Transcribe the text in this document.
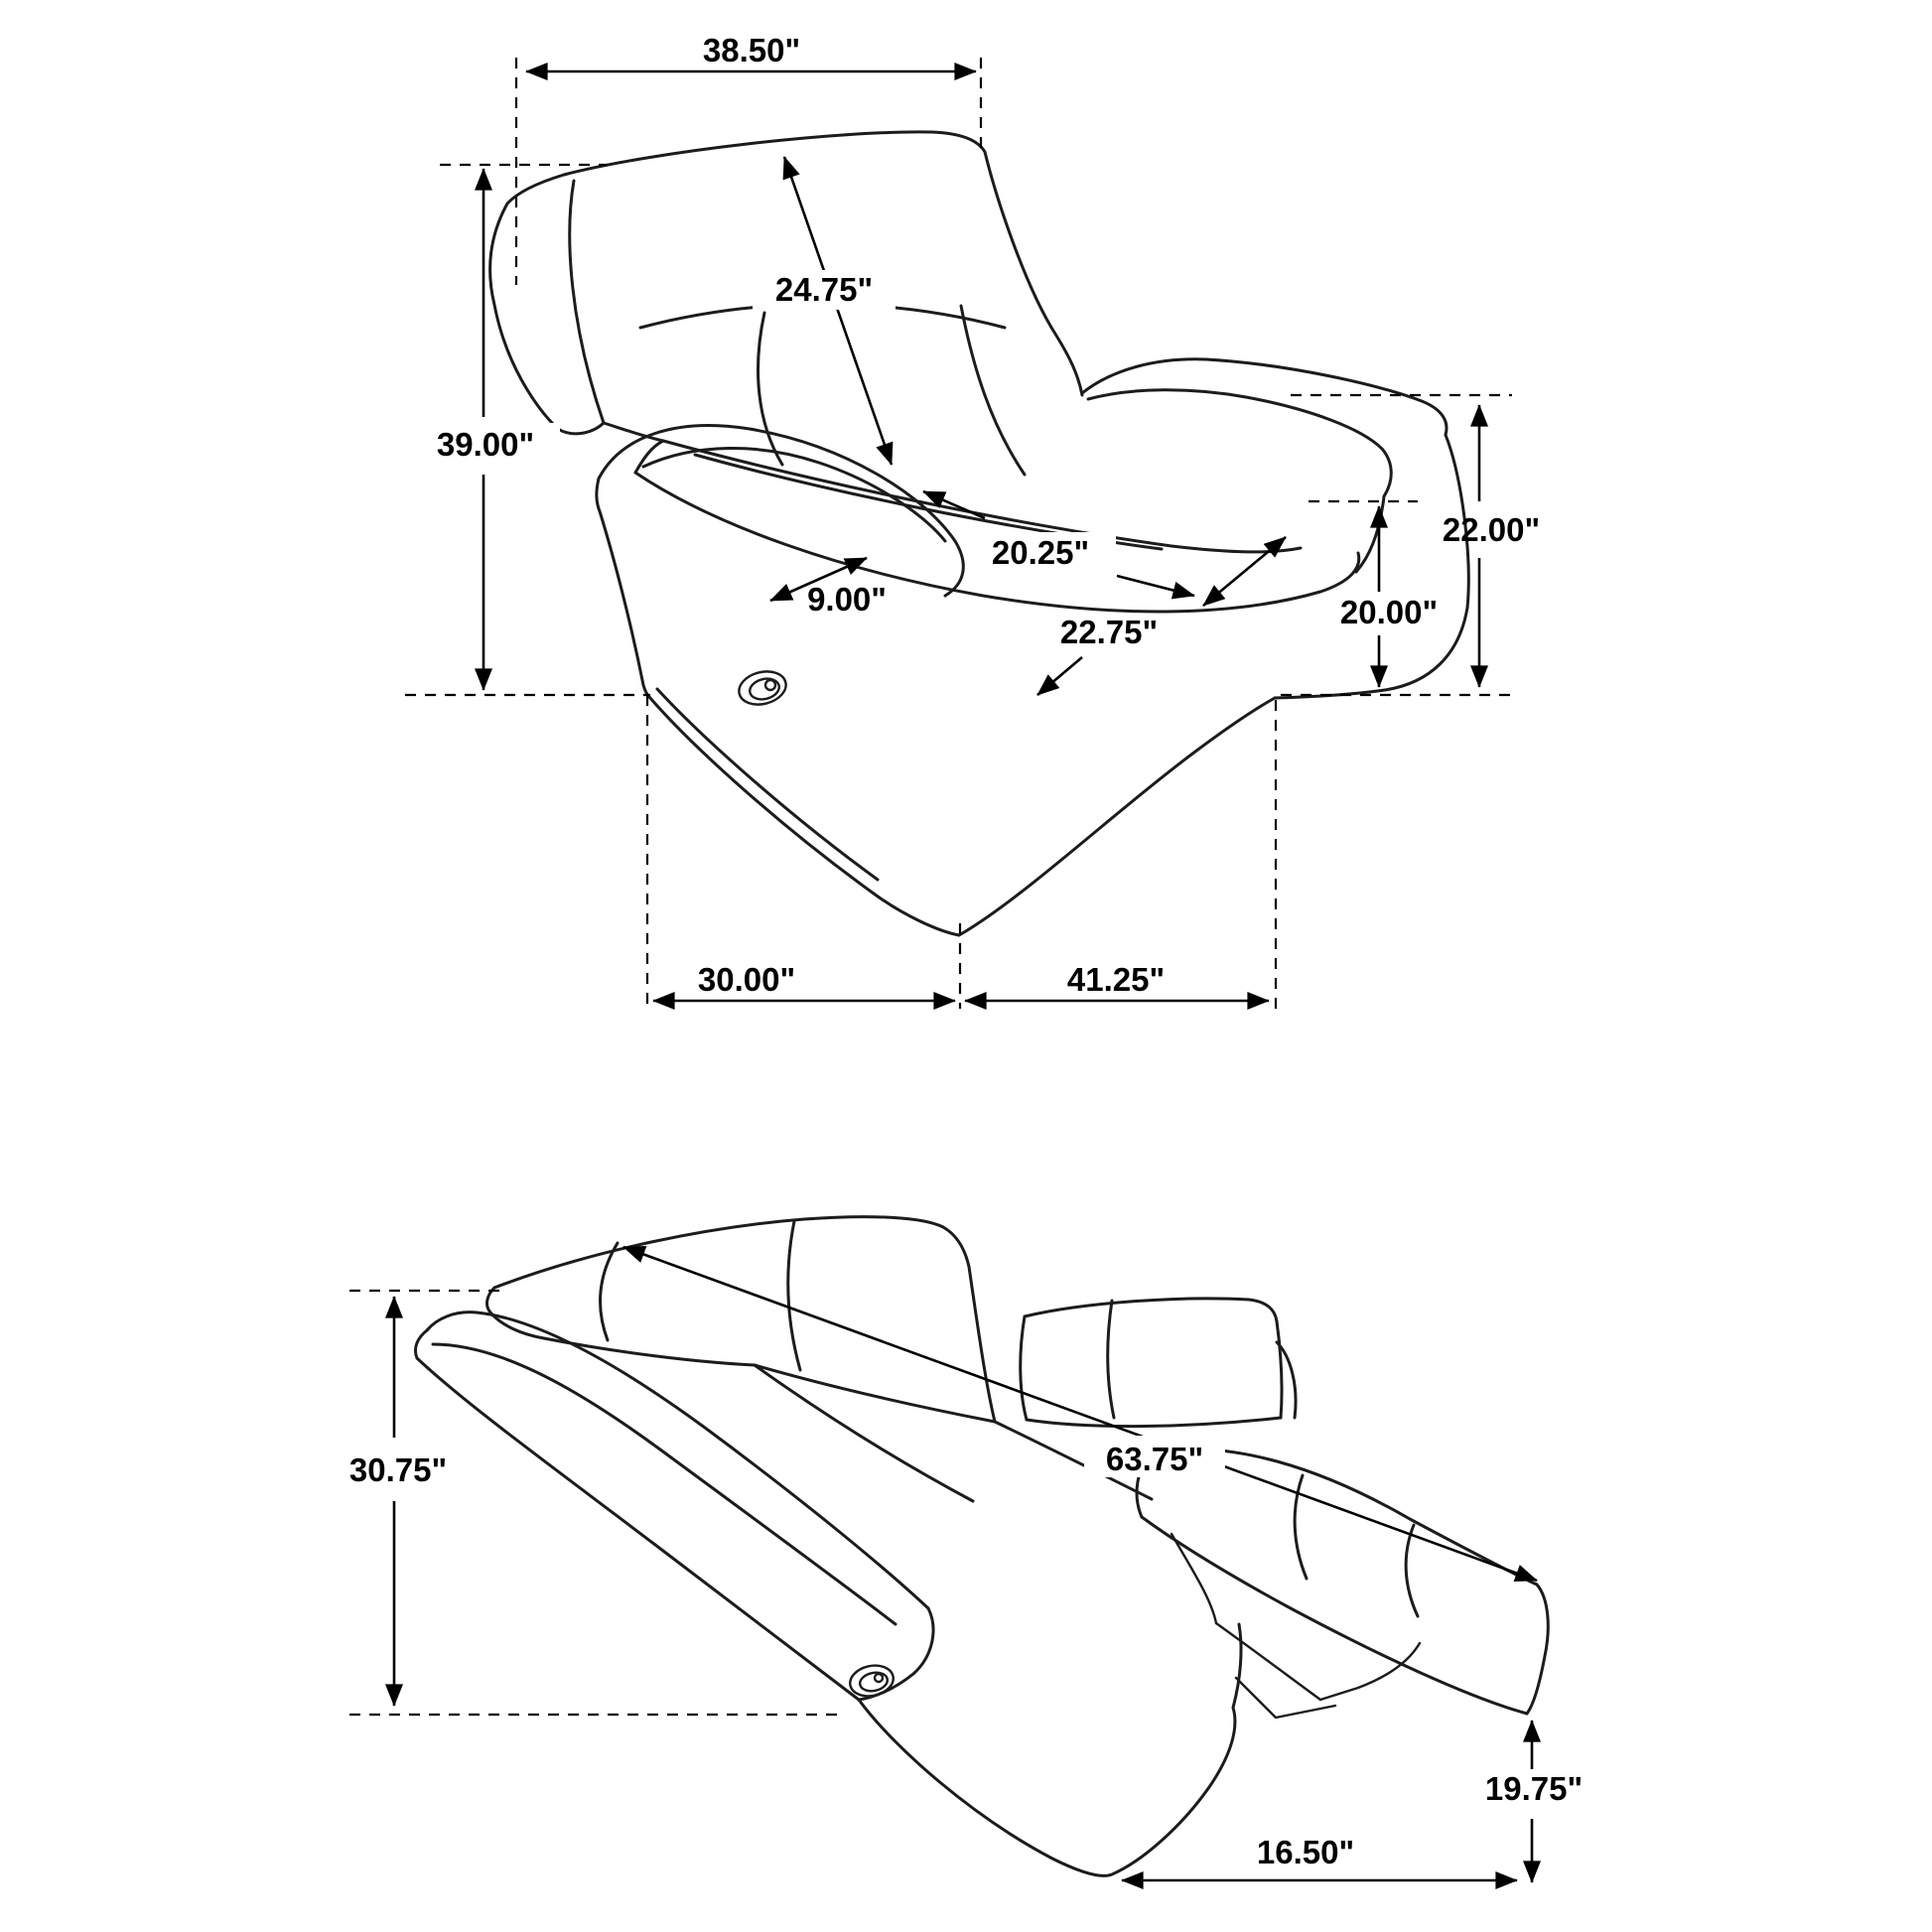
38.50"
24.75"
39.00"
20.25"
9.00"
22.75"
22.00"
20.00"
30.00"	41.25"
30.75"	63.75"
19.75"
16.50"
